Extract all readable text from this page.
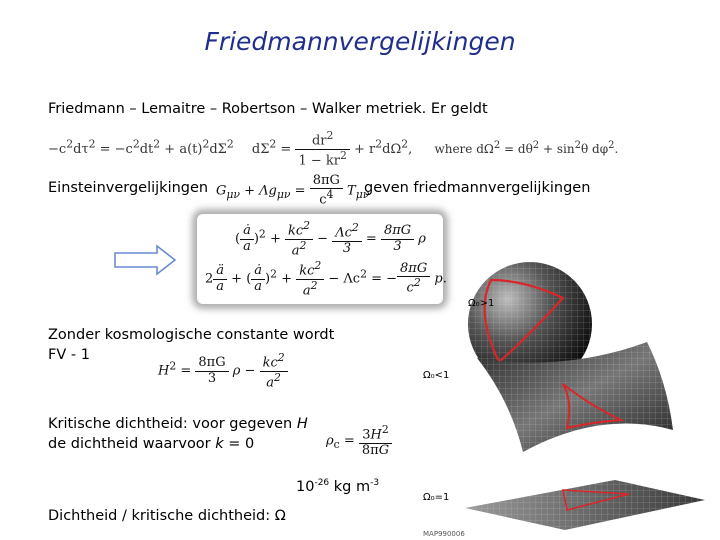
Friedmannvergelijkingen
Friedmann – Lemaitre – Robertson – Walker metriek. Er geldt
$-c^2d\tau^2 = -c^2dt^2 + a(t)^2d\Sigma^2$ $d\Sigma^2 = \frac{dr^2}{1 - kr^2} + r^2d\Omega^2$, where $d\Omega^2 = d\theta^2 + \sin^2\theta$ $d\varphi^2$.
Einsteinvergelijkingen $G_{\mu\nu} + \Lambda g_{\mu\nu} = \frac{8\pi G}{c^4} T_{\mu\nu}$
geven friedmannvergelijkingen
( $\frac{ȧ}{a} )^2 + \frac{kc^2}{a^2} - \frac{\Lambda c^2}{3} = \frac{8\pi G}{3}$ ρ
$2 \frac{ä}{a}$ + ( $\frac{ȧ}{a} )^2 + \frac{kc^2}{a^2} - \Lambda c^2$ = − $\frac{8\pi G}{c^2} p$.
Zonder kosmologische constante wordt
FV - 1
$H^2 = \frac{8\pi G}{3}$ $\rho - \frac{kc^2}{a^2}$
Kritische dichtheid: voor gegeven H
de dichtheid waarvoor k = 0	$\rho_c = \frac{3H^2}{8\pi G}$
$10^{-26}$ kg $m^{-3}$
Dichtheid / kritische dichtheid: Ω
Ω₀>1
Ω₀<1
Ω₀=1
MAP990006
